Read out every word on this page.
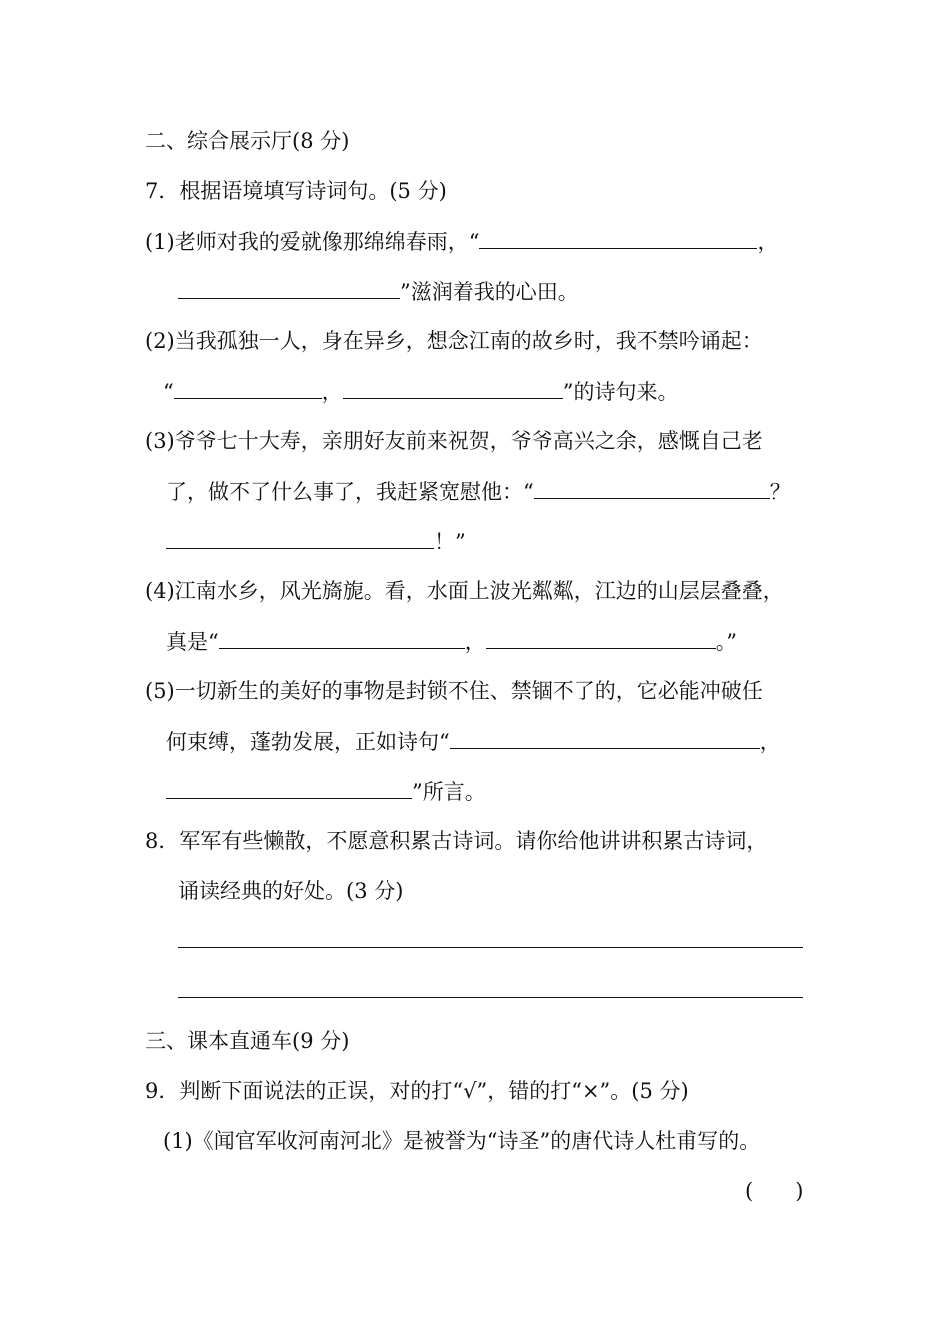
二、综合展示厅(8 分)
7．根据语境填写诗词句。(5 分)
(1)老师对我的爱就像那绵绵春雨，“	，
”滋润着我的心田。
(2)当我孤独一人，身在异乡，想念江南的故乡时，我不禁吟诵起：
“	，	”的诗句来。
(3)爷爷七十大寿，亲朋好友前来祝贺，爷爷高兴之余，感慨自己老
了，做不了什么事了，我赶紧宽慰他：“	？
！”
(4)江南水乡，风光旖旎。看，水面上波光粼粼，江边的山层层叠叠，
真是“	，	。”
(5)一切新生的美好的事物是封锁不住、禁锢不了的，它必能冲破任
何束缚，蓬勃发展，正如诗句“	，
”所言。
8．军军有些懒散，不愿意积累古诗词。请你给他讲讲积累古诗词，
诵读经典的好处。(3 分)
三、课本直通车(9 分)
9．判断下面说法的正误，对的打“√”，错的打“×”。(5 分)
(1)《闻官军收河南河北》是被誉为“诗圣”的唐代诗人杜甫写的。
(　　)
